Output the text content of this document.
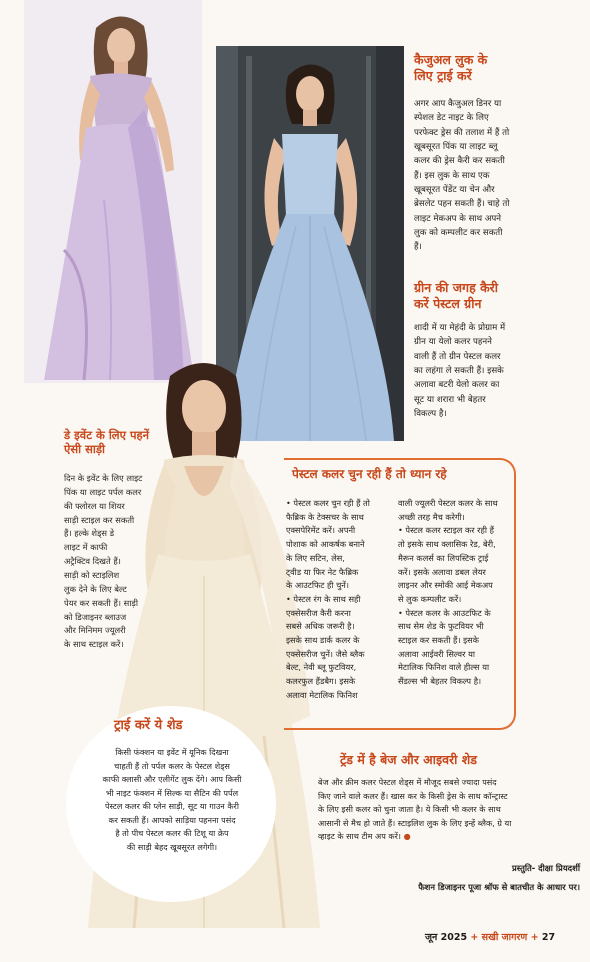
कैजुअल लुक के
लिए ट्राई करें

अगर आप कैजुअल डिनर या

स्पेशल डेट नाइट के लिए

परफेक्ट ड्रेस की तलाश में हैं तो

खूबसूरत पिंक या लाइट ब्लू

कलर की ड्रेस कैरी कर सकती

हैं। इस लुक के साथ एक

खूबसूरत पेंडेंट या चेन और

ब्रेसलेट पहन सकती हैं। चाहे तो

लाइट मेकअप के साथ अपने

लुक को कम्पलीट कर सकती

हैं।

ग्रीन की जगह कैरी
करें पेस्टल ग्रीन

शादी में या मेहंदी के प्रोग्राम में

ग्रीन या येलो कलर पहनने

वाली हैं तो ग्रीन पेस्टल कलर

का लहंगा ले सकती हैं। इसके

अलावा बटरी येलो कलर का

सूट या शरारा भी बेहतर

विकल्प है।

डे इवेंट के लिए पहनें
ऐसी साड़ी

दिन के इवेंट के लिए लाइट

पिंक या लाइट पर्पल कलर

की फ्लोरल या शियर

साड़ी स्टाइल कर सकती

हैं। हल्के शेड्स डे

लाइट में काफी

अट्रैक्टिव दिखते हैं।

साड़ी को स्टाइलिश

लुक देने के लिए बेल्ट

पेयर कर सकती हैं। साड़ी

को डिजाइनर ब्लाउज

और मिनिमम ज्यूलरी

के साथ स्टाइल करें।

पेस्टल कलर चुन रही हैं तो ध्यान रहे

• पेस्टल कलर चुन रही हैं तो

फैब्रिक के टेक्सचर के साथ

एक्सपेरिमेंट करें। अपनी

पोशाक को आकर्षक बनाने

के लिए सटिन, लेस,

ट्वीड या फिर नेट फैब्रिक

के आउटफिट ही चुनें।

• पेस्टल रंग के साथ सही

एक्सेसरीज कैरी करना

सबसे अधिक जरूरी है।

इसके साथ डार्क कलर के

एक्सेसरीज चुनें। जैसे ब्लैक

बेल्ट, नेवी ब्लू फुटवियर,

कलरफुल हैंडबैग। इसके

अलावा मेटालिक फिनिश

वाली ज्यूलरी पेस्टल कलर के साथ

अच्छी तरह मैच करेगी।

• पेस्टल कलर स्टाइल कर रही हैं

तो इसके साथ क्लासिक रेड, बेरी,

मैरून कलर्स का लिपस्टिक ट्राई

करें। इसके अलावा डबल लेयर

लाइनर और स्मोकी आई मेकअप

से लुक कम्पलीट करें।

• पेस्टल कलर के आउटफिट के

साथ सेम शेड के फुटवियर भी

स्टाइल कर सकती हैं। इसके

अलावा आईवरी सिल्वर या

मेटालिक फिनिश वाले हील्स या

सैंडल्स भी बेहतर विकल्प है।

ट्राई करें ये शेड

किसी फंक्शन या इवेंट में यूनिक दिखना

चाहती हैं तो पर्पल कलर के पेस्टल शेड्स

काफी क्लासी और एलीगेंट लुक देंगे। आप किसी

भी नाइट फंक्शन में सिल्क या सैटिन की पर्पल

पेस्टल कलर की प्लेन साड़ी, सूट या गाउन कैरी

कर सकती हैं। आपको साड़िया पहनना पसंद

है तो पीच पेस्टल कलर की टिशू या क्रेप

की साड़ी बेहद खूबसूरत लगेगी।

ट्रेंड में है बेज और आइवरी शेड

बेज और क्रीम कलर पेस्टल शेड्स में मौजूद सबसे ज्यादा पसंद

किए जाने वाले कलर हैं। खास कर के किसी ड्रेस के साथ कॉन्ट्रास्ट

के लिए इसी कलर को चुना जाता है। ये किसी भी कलर के साथ

आसानी से मैच हो जाते हैं। स्टाइलिश लुक के लिए इन्हें ब्लैक, ग्रे या

व्हाइट के साथ टीम अप करें। ●

प्रस्तुति- दीक्षा प्रियदर्शी

फैशन डिजाइनर पूजा श्रॉफ से बातचीत के आधार पर।

जून 2025 + सखी जागरण + 27
